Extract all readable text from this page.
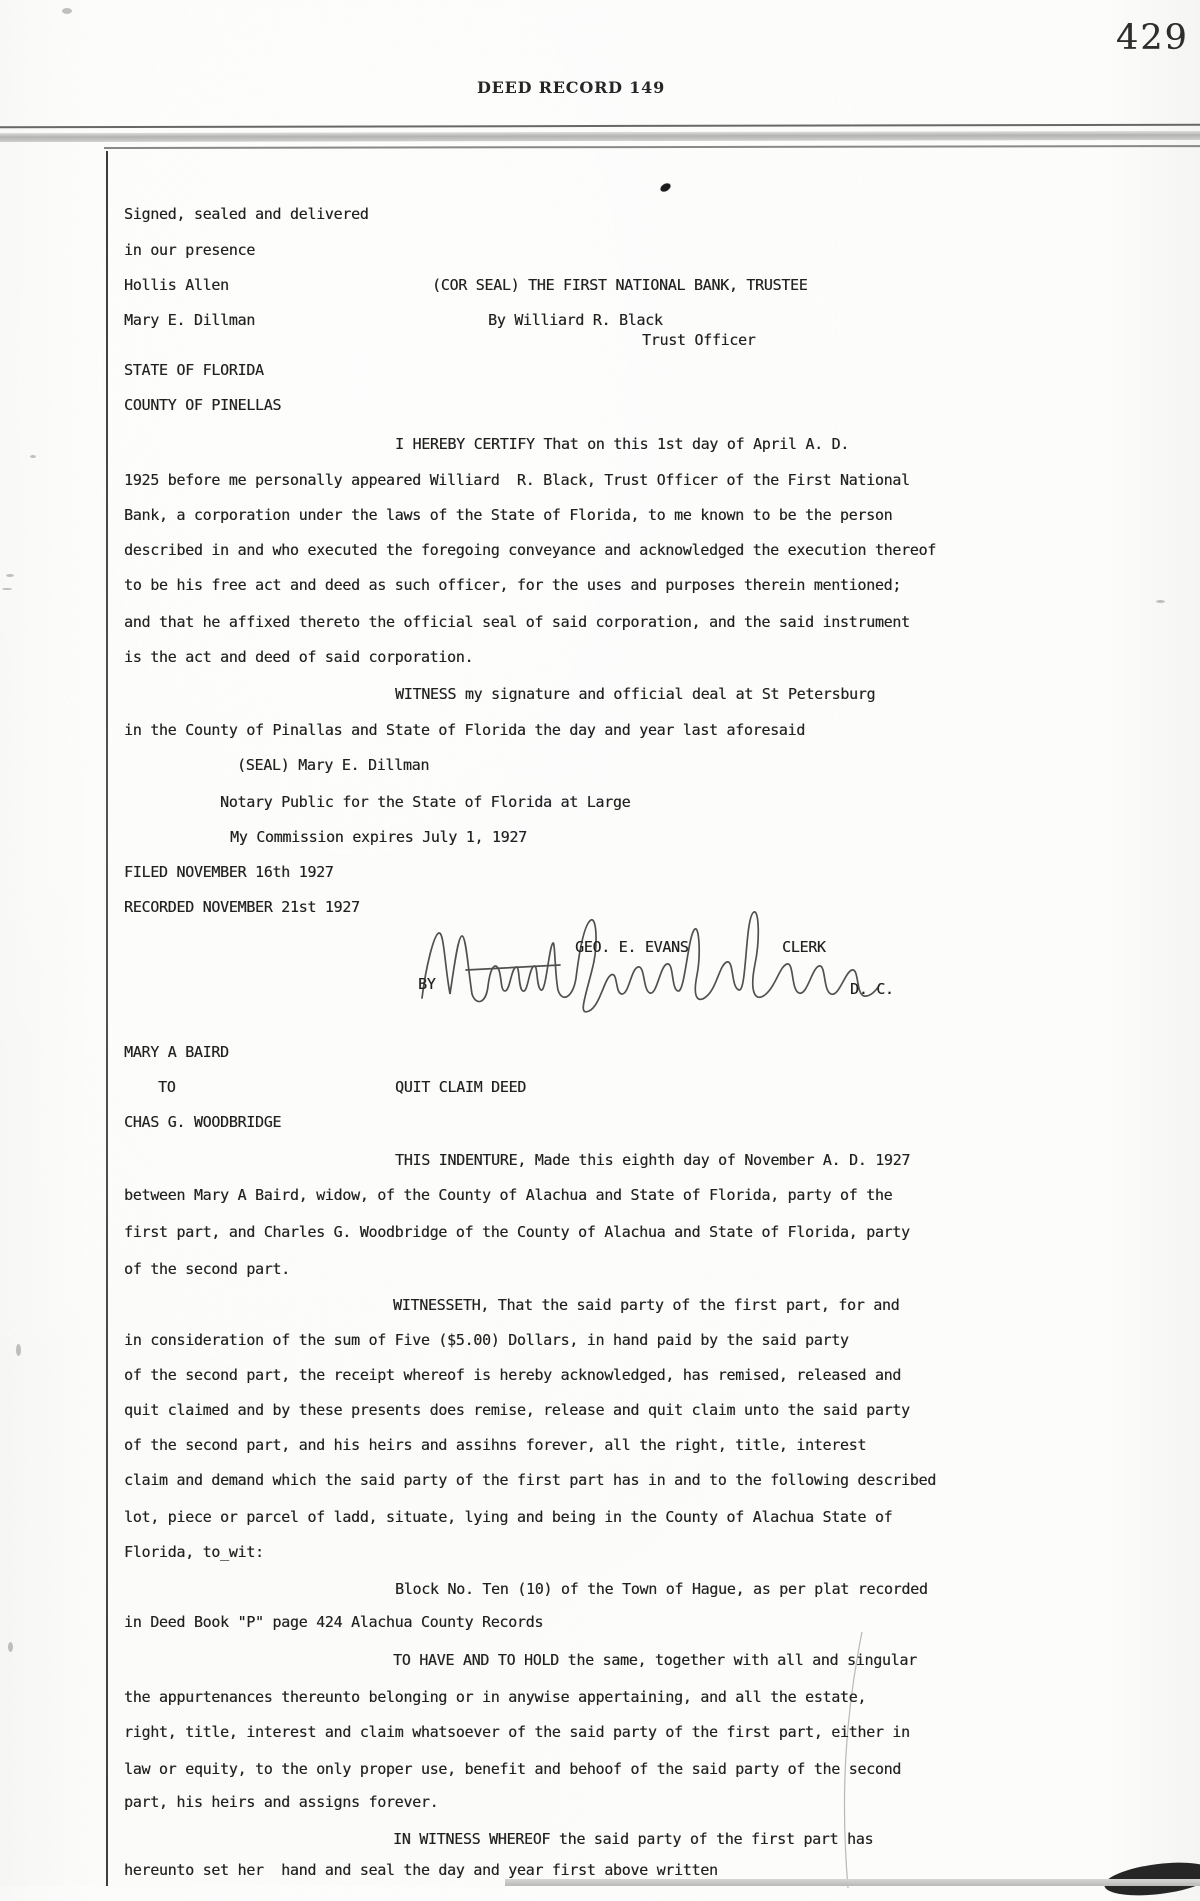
429
DEED RECORD 149
Signed, sealed and delivered
in our presence
Hollis Allen	(COR SEAL) THE FIRST NATIONAL BANK, TRUSTEE
Mary E. Dillman	By Williard R. Black
Trust Officer
STATE OF FLORIDA
COUNTY OF PINELLAS
I HEREBY CERTIFY That on this 1st day of April A. D.
1925 before me personally appeared Williard  R. Black, Trust Officer of the First National
Bank, a corporation under the laws of the State of Florida, to me known to be the person
described in and who executed the foregoing conveyance and acknowledged the execution thereof
to be his free act and deed as such officer, for the uses and purposes therein mentioned;
and that he affixed thereto the official seal of said corporation, and the said instrument
is the act and deed of said corporation.
WITNESS my signature and official deal at St Petersburg
in the County of Pinallas and State of Florida the day and year last aforesaid
(SEAL) Mary E. Dillman
Notary Public for the State of Florida at Large
My Commission expires July 1, 1927
FILED NOVEMBER 16th 1927
RECORDED NOVEMBER 21st 1927
GEO. E. EVANS	CLERK
BY	D. C.
MARY A BAIRD
TO	QUIT CLAIM DEED
CHAS G. WOODBRIDGE
THIS INDENTURE, Made this eighth day of November A. D. 1927
between Mary A Baird, widow, of the County of Alachua and State of Florida, party of the
first part, and Charles G. Woodbridge of the County of Alachua and State of Florida, party
of the second part.
WITNESSETH, That the said party of the first part, for and
in consideration of the sum of Five ($5.00) Dollars, in hand paid by the said party
of the second part, the receipt whereof is hereby acknowledged, has remised, released and
quit claimed and by these presents does remise, release and quit claim unto the said party
of the second part, and his heirs and assihns forever, all the right, title, interest
claim and demand which the said party of the first part has in and to the following described
lot, piece or parcel of ladd, situate, lying and being in the County of Alachua State of
Florida, to_wit:
Block No. Ten (10) of the Town of Hague, as per plat recorded
in Deed Book "P" page 424 Alachua County Records
TO HAVE AND TO HOLD the same, together with all and singular
the appurtenances thereunto belonging or in anywise appertaining, and all the estate,
right, title, interest and claim whatsoever of the said party of the first part, either in
law or equity, to the only proper use, benefit and behoof of the said party of the second
part, his heirs and assigns forever.
IN WITNESS WHEREOF the said party of the first part has
hereunto set her  hand and seal the day and year first above written
